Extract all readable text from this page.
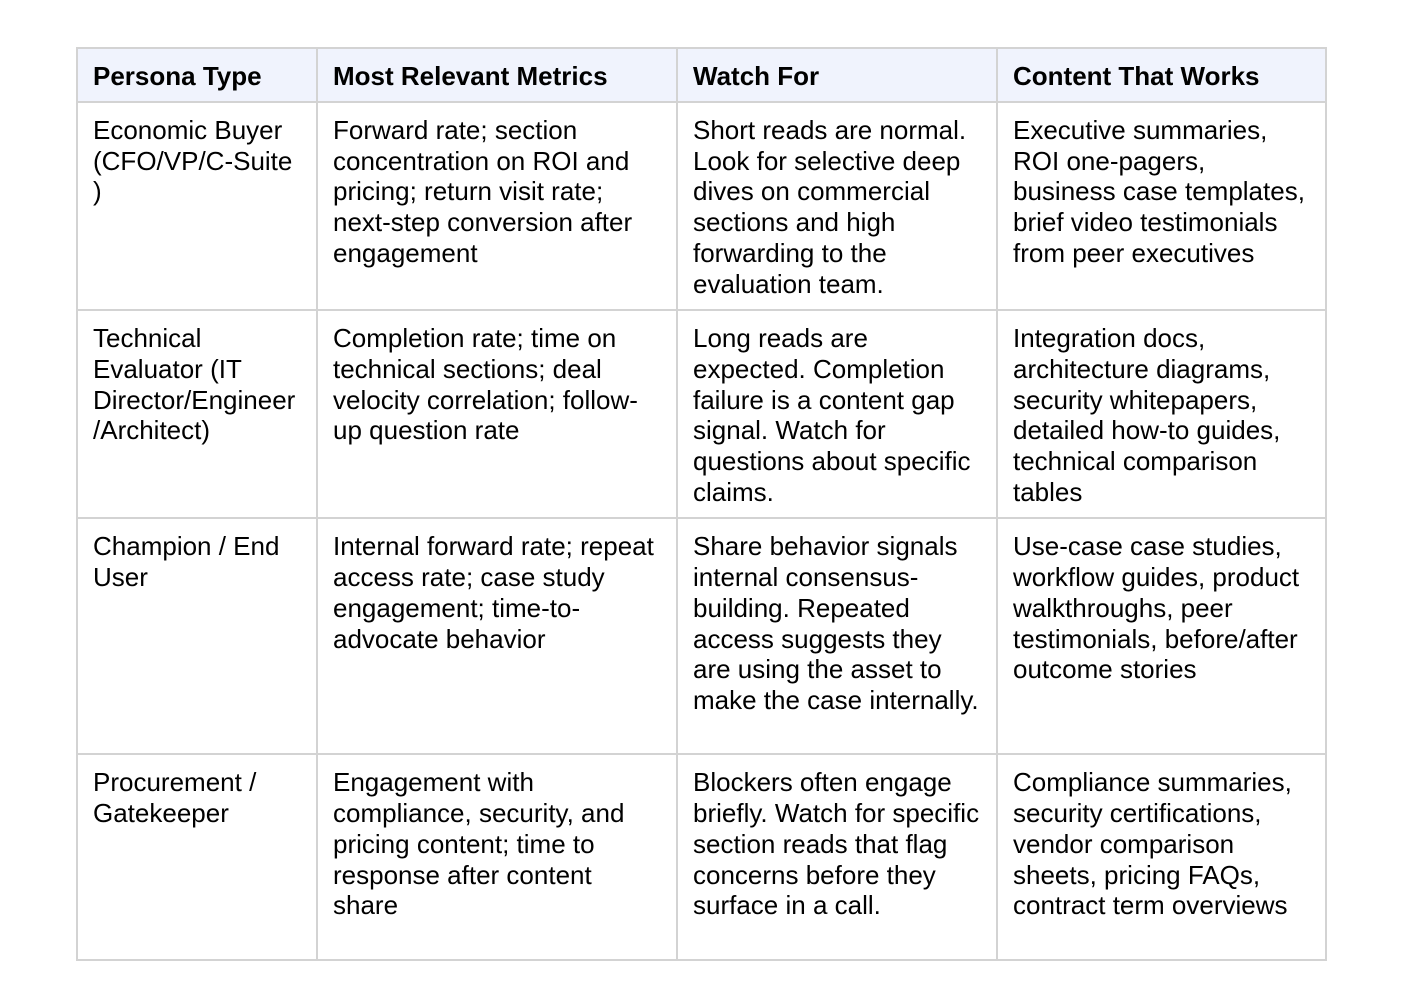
Persona Type	Most Relevant Metrics	Watch For	Content That Works
Economic Buyer (CFO/VP/C-Suite )	Forward rate; section concentration on ROI and pricing; return visit rate; next-step conversion after engagement	Short reads are normal. Look for selective deep dives on commercial sections and high forwarding to the evaluation team.	Executive summaries, ROI one-pagers, business case templates, brief video testimonials from peer executives
Technical Evaluator (IT Director/Engineer /Architect)	Completion rate; time on technical sections; deal velocity correlation; follow-up question rate	Long reads are expected. Completion failure is a content gap signal. Watch for questions about specific claims.	Integration docs, architecture diagrams, security whitepapers, detailed how-to guides, technical comparison tables
Champion / End User	Internal forward rate; repeat access rate; case study engagement; time-to-advocate behavior	Share behavior signals internal consensus-building. Repeated access suggests they are using the asset to make the case internally.	Use-case case studies, workflow guides, product walkthroughs, peer testimonials, before/after outcome stories
Procurement / Gatekeeper	Engagement with compliance, security, and pricing content; time to response after content share	Blockers often engage briefly. Watch for specific section reads that flag concerns before they surface in a call.	Compliance summaries, security certifications, vendor comparison sheets, pricing FAQs, contract term overviews
